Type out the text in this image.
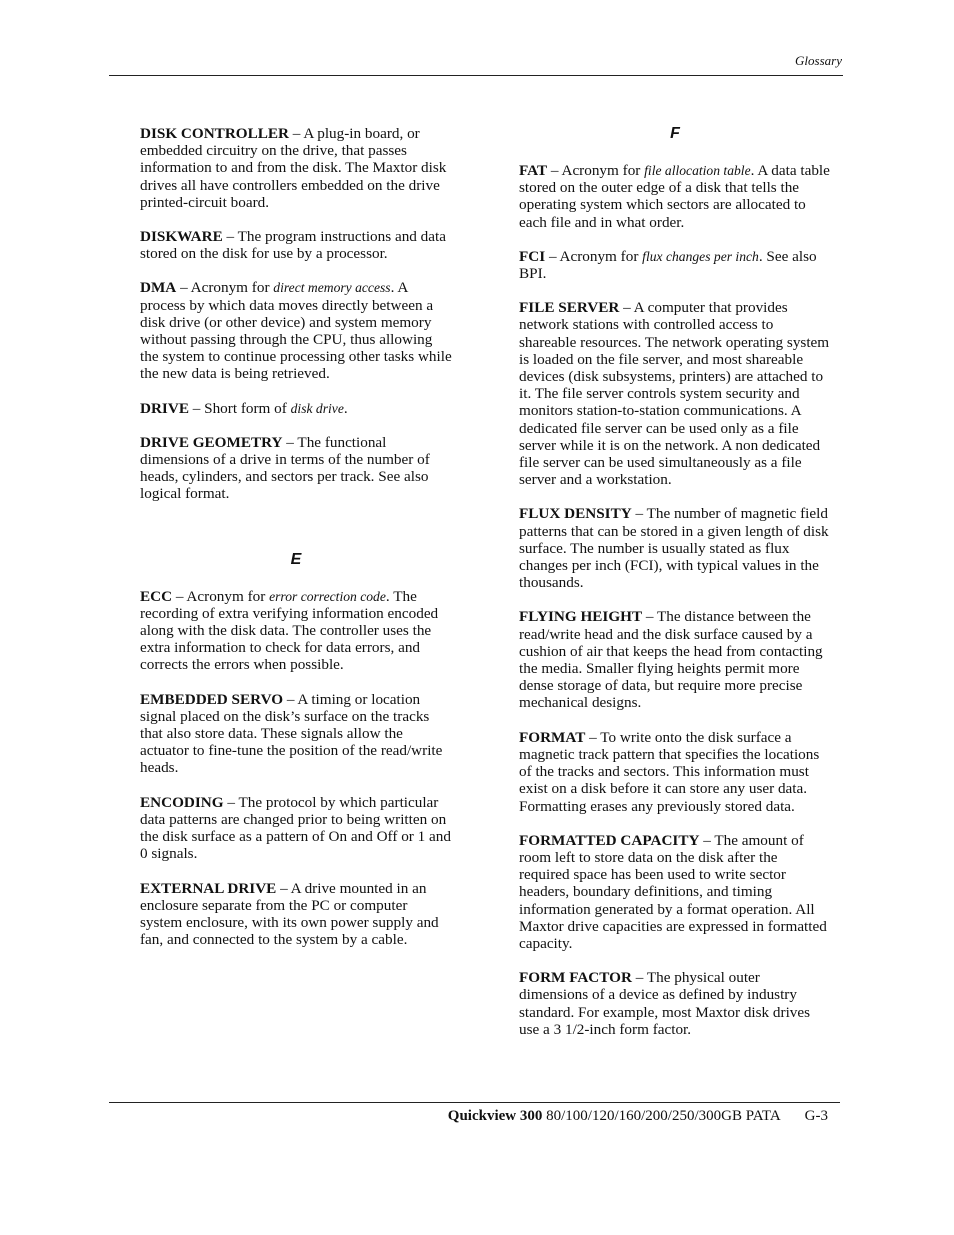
Glossary
DISK CONTROLLER – A plug-in board, or embedded circuitry on the drive, that passes information to and from the disk. The Maxtor disk drives all have controllers embedded on the drive printed-circuit board.
DISKWARE – The program instructions and data stored on the disk for use by a processor.
DMA – Acronym for direct memory access. A process by which data moves directly between a disk drive (or other device) and system memory without passing through the CPU, thus allowing the system to continue processing other tasks while the new data is being retrieved.
DRIVE – Short form of disk drive.
DRIVE GEOMETRY – The functional dimensions of a drive in terms of the number of heads, cylinders, and sectors per track. See also logical format.
E
ECC – Acronym for error correction code. The recording of extra verifying information encoded along with the disk data. The controller uses the extra information to check for data errors, and corrects the errors when possible.
EMBEDDED SERVO – A timing or location signal placed on the disk’s surface on the tracks that also store data. These signals allow the actuator to fine-tune the position of the read/write heads.
ENCODING – The protocol by which particular data patterns are changed prior to being written on the disk surface as a pattern of On and Off or 1 and 0 signals.
EXTERNAL DRIVE – A drive mounted in an enclosure separate from the PC or computer system enclosure, with its own power supply and fan, and connected to the system by a cable.
F
FAT – Acronym for file allocation table. A data table stored on the outer edge of a disk that tells the operating system which sectors are allocated to each file and in what order.
FCI – Acronym for flux changes per inch. See also BPI.
FILE SERVER – A computer that provides network stations with controlled access to shareable resources. The network operating system is loaded on the file server, and most shareable devices (disk subsystems, printers) are attached to it. The file server controls system security and monitors station-to-station communications. A dedicated file server can be used only as a file server while it is on the network. A non dedicated file server can be used simultaneously as a file server and a workstation.
FLUX DENSITY – The number of magnetic field patterns that can be stored in a given length of disk surface. The number is usually stated as flux changes per inch (FCI), with typical values in the thousands.
FLYING HEIGHT – The distance between the read/write head and the disk surface caused by a cushion of air that keeps the head from contacting the media. Smaller flying heights permit more dense storage of data, but require more precise mechanical designs.
FORMAT – To write onto the disk surface a magnetic track pattern that specifies the locations of the tracks and sectors. This information must exist on a disk before it can store any user data. Formatting erases any previously stored data.
FORMATTED CAPACITY – The amount of room left to store data on the disk after the required space has been used to write sector headers, boundary definitions, and timing information generated by a format operation. All Maxtor drive capacities are expressed in formatted capacity.
FORM FACTOR – The physical outer dimensions of a device as defined by industry standard. For example, most Maxtor disk drives use a 3 1/2-inch form factor.
Quickview 300 80/100/120/160/200/250/300GB PATA G-3
